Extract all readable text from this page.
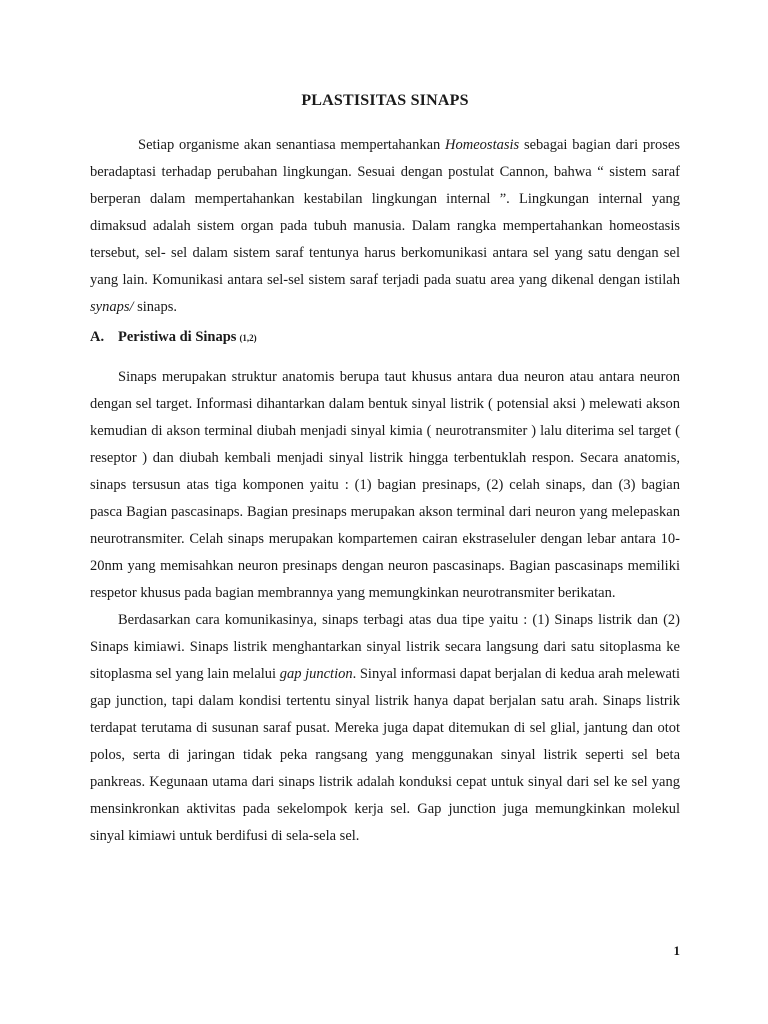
PLASTISITAS SINAPS

Setiap organisme akan senantiasa mempertahankan Homeostasis sebagai bagian dari proses beradaptasi terhadap perubahan lingkungan. Sesuai dengan postulat Cannon, bahwa “ sistem saraf berperan dalam mempertahankan kestabilan lingkungan internal ”. Lingkungan internal yang dimaksud adalah sistem organ pada tubuh manusia. Dalam rangka mempertahankan homeostasis tersebut, sel- sel dalam sistem saraf tentunya harus berkomunikasi antara sel yang satu dengan sel yang lain. Komunikasi antara sel-sel sistem saraf terjadi pada suatu area yang dikenal dengan istilah synaps/ sinaps.

A. Peristiwa di Sinaps (1,2)

Sinaps merupakan struktur anatomis berupa taut khusus antara dua neuron atau antara neuron dengan sel target. Informasi dihantarkan dalam bentuk sinyal listrik ( potensial aksi ) melewati akson kemudian di akson terminal diubah menjadi sinyal kimia ( neurotransmiter ) lalu diterima sel target ( reseptor ) dan diubah kembali menjadi sinyal listrik hingga terbentuklah respon. Secara anatomis, sinaps tersusun atas tiga komponen yaitu : (1) bagian presinaps, (2) celah sinaps, dan (3) bagian pasca Bagian pascasinaps. Bagian presinaps merupakan akson terminal dari neuron yang melepaskan neurotransmiter. Celah sinaps merupakan kompartemen cairan ekstraseluler dengan lebar antara 10-20nm yang memisahkan neuron presinaps dengan neuron pascasinaps. Bagian pascasinaps memiliki respetor khusus pada bagian membrannya yang memungkinkan neurotransmiter berikatan.

Berdasarkan cara komunikasinya, sinaps terbagi atas dua tipe yaitu : (1) Sinaps listrik dan (2) Sinaps kimiawi. Sinaps listrik menghantarkan sinyal listrik secara langsung dari satu sitoplasma ke sitoplasma sel yang lain melalui gap junction. Sinyal informasi dapat berjalan di kedua arah melewati gap junction, tapi dalam kondisi tertentu sinyal listrik hanya dapat berjalan satu arah. Sinaps listrik terdapat terutama di susunan saraf pusat. Mereka juga dapat ditemukan di sel glial, jantung dan otot polos, serta di jaringan tidak peka rangsang yang menggunakan sinyal listrik seperti sel beta pankreas. Kegunaan utama dari sinaps listrik adalah konduksi cepat untuk sinyal dari sel ke sel yang mensinkronkan aktivitas pada sekelompok kerja sel. Gap junction juga memungkinkan molekul sinyal kimiawi untuk berdifusi di sela-sela sel.

1
